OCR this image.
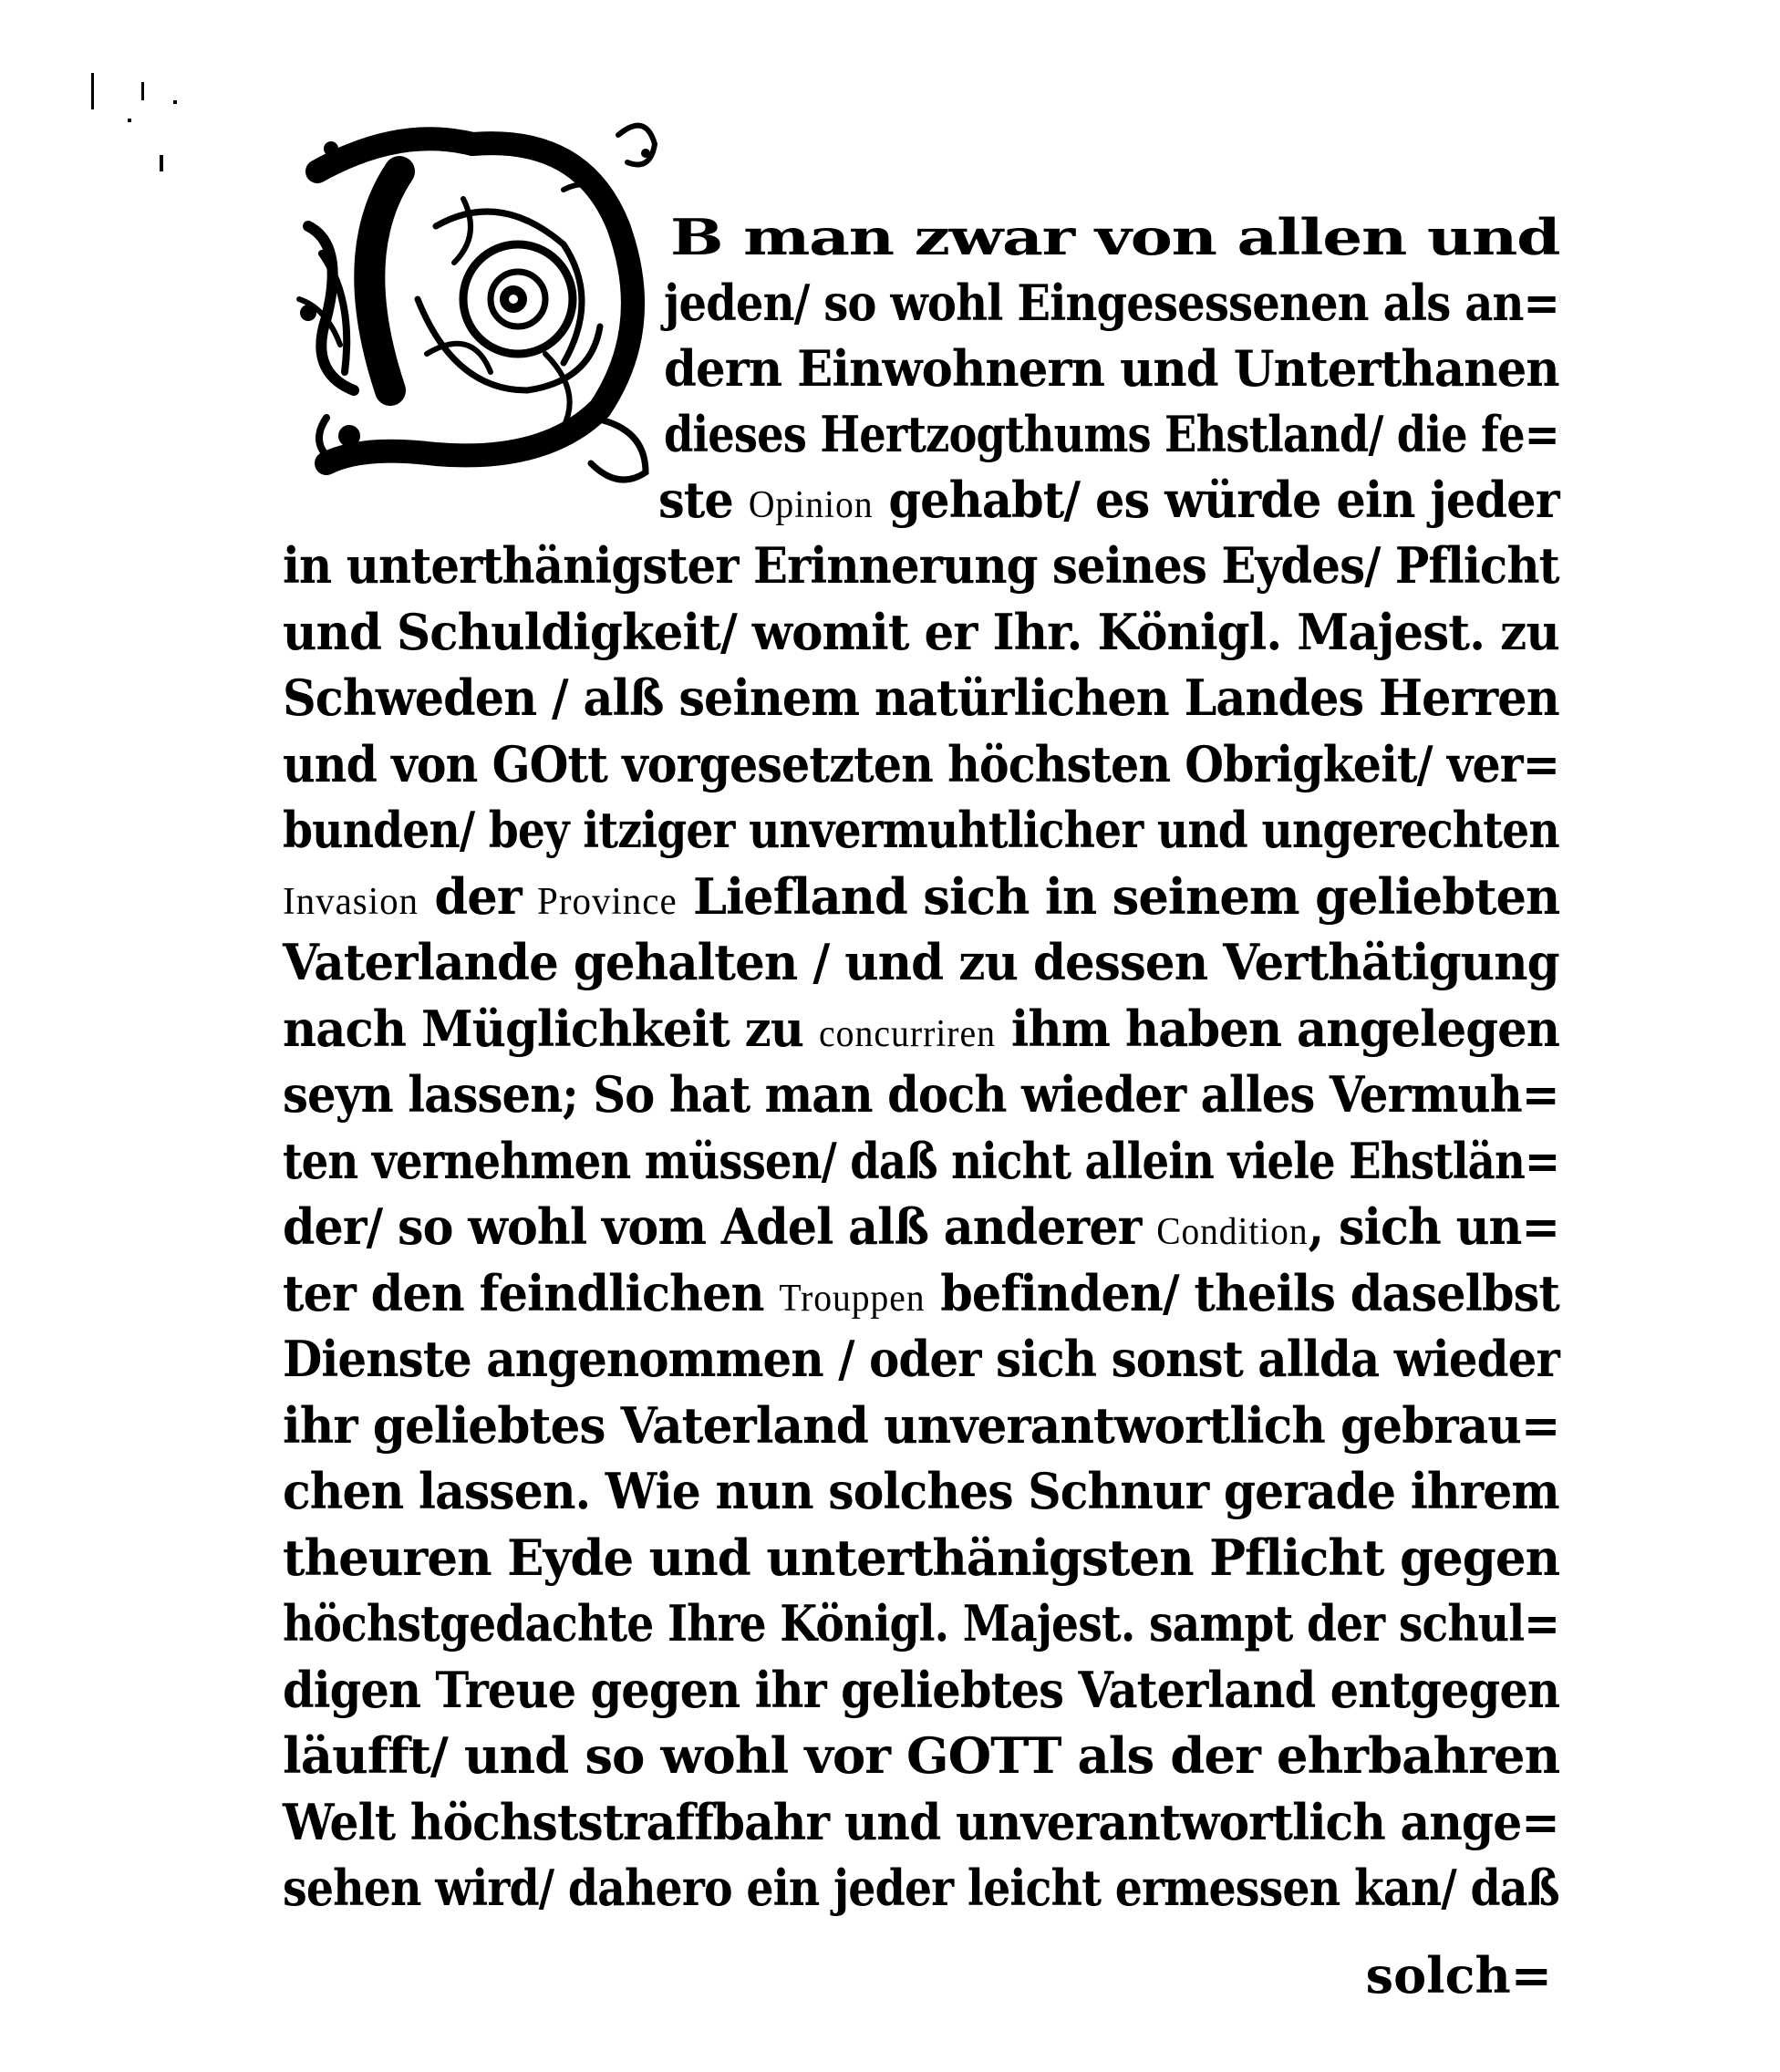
B man zwar von allen und
jeden/ so wohl Eingesessenen als an=
dern Einwohnern und Unterthanen
dieses Hertzogthums Ehstland/ die fe=
ste Opinion gehabt/ es würde ein jeder
in unterthänigster Erinnerung seines Eydes/ Pflicht
und Schuldigkeit/ womit er Ihr. Königl. Majest. zu
Schweden / alß seinem natürlichen Landes Herren
und von GOtt vorgesetzten höchsten Obrigkeit/ ver=
bunden/ bey itziger unvermuhtlicher und ungerechten
Invasion der Province Liefland sich in seinem geliebten
Vaterlande gehalten / und zu dessen Verthätigung
nach Müglichkeit zu concurriren ihm haben angelegen
seyn lassen; So hat man doch wieder alles Vermuh=
ten vernehmen müssen/ daß nicht allein viele Ehstlän=
der/ so wohl vom Adel alß anderer Condition, sich un=
ter den feindlichen Trouppen befinden/ theils daselbst
Dienste angenommen / oder sich sonst allda wieder
ihr geliebtes Vaterland unverantwortlich gebrau=
chen lassen. Wie nun solches Schnur gerade ihrem
theuren Eyde und unterthänigsten Pflicht gegen
höchstgedachte Ihre Königl. Majest. sampt der schul=
digen Treue gegen ihr geliebtes Vaterland entgegen
läufft/ und so wohl vor GOTT als der ehrbahren
Welt höchststraffbahr und unverantwortlich ange=
sehen wird/ dahero ein jeder leicht ermessen kan/ daß
solch=
